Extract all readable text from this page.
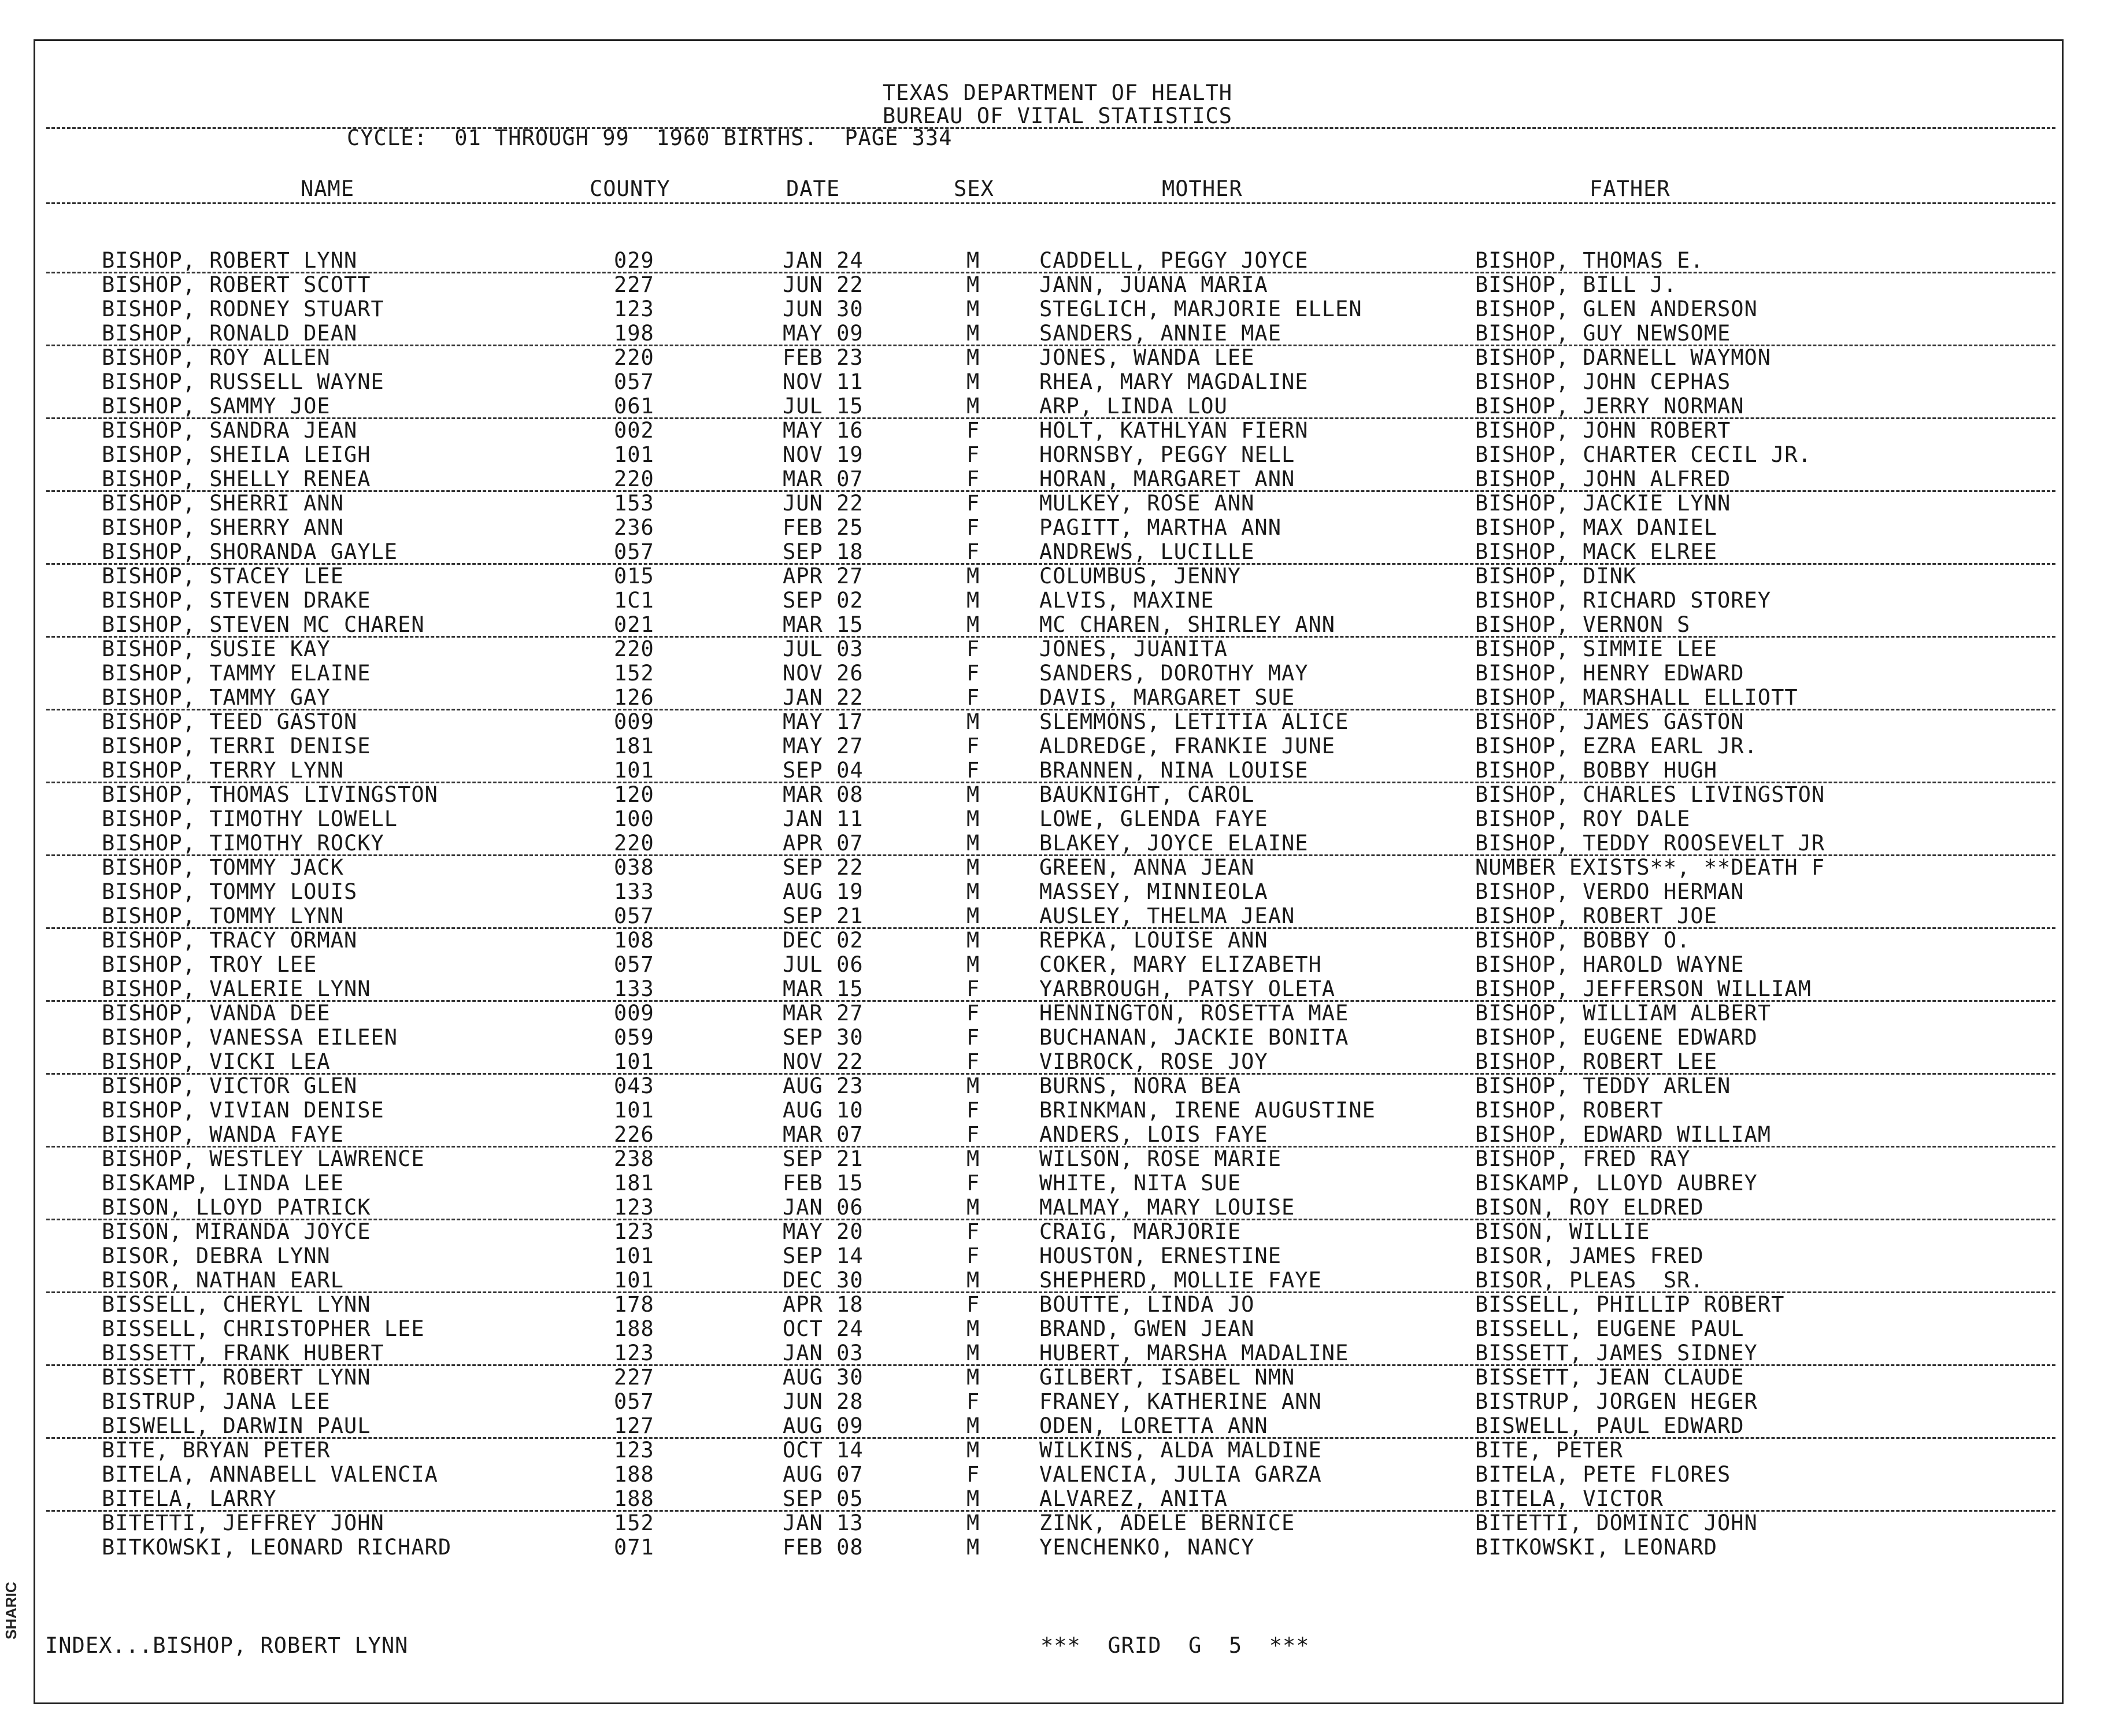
TEXAS DEPARTMENT OF HEALTH
BUREAU OF VITAL STATISTICS
CYCLE:  01 THROUGH 99  1960 BIRTHS.  PAGE 334
NAME	COUNTY	DATE	SEX	MOTHER	FATHER
BISHOP, ROBERT LYNN	029	JAN 24	M	CADDELL, PEGGY JOYCE	BISHOP, THOMAS E.
BISHOP, ROBERT SCOTT	227	JUN 22	M	JANN, JUANA MARIA	BISHOP, BILL J.
BISHOP, RODNEY STUART	123	JUN 30	M	STEGLICH, MARJORIE ELLEN	BISHOP, GLEN ANDERSON
BISHOP, RONALD DEAN	198	MAY 09	M	SANDERS, ANNIE MAE	BISHOP, GUY NEWSOME
BISHOP, ROY ALLEN	220	FEB 23	M	JONES, WANDA LEE	BISHOP, DARNELL WAYMON
BISHOP, RUSSELL WAYNE	057	NOV 11	M	RHEA, MARY MAGDALINE	BISHOP, JOHN CEPHAS
BISHOP, SAMMY JOE	061	JUL 15	M	ARP, LINDA LOU	BISHOP, JERRY NORMAN
BISHOP, SANDRA JEAN	002	MAY 16	F	HOLT, KATHLYAN FIERN	BISHOP, JOHN ROBERT
BISHOP, SHEILA LEIGH	101	NOV 19	F	HORNSBY, PEGGY NELL	BISHOP, CHARTER CECIL JR.
BISHOP, SHELLY RENEA	220	MAR 07	F	HORAN, MARGARET ANN	BISHOP, JOHN ALFRED
BISHOP, SHERRI ANN	153	JUN 22	F	MULKEY, ROSE ANN	BISHOP, JACKIE LYNN
BISHOP, SHERRY ANN	236	FEB 25	F	PAGITT, MARTHA ANN	BISHOP, MAX DANIEL
BISHOP, SHORANDA GAYLE	057	SEP 18	F	ANDREWS, LUCILLE	BISHOP, MACK ELREE
BISHOP, STACEY LEE	015	APR 27	M	COLUMBUS, JENNY	BISHOP, DINK
BISHOP, STEVEN DRAKE	1C1	SEP 02	M	ALVIS, MAXINE	BISHOP, RICHARD STOREY
BISHOP, STEVEN MC CHAREN	021	MAR 15	M	MC CHAREN, SHIRLEY ANN	BISHOP, VERNON S
BISHOP, SUSIE KAY	220	JUL 03	F	JONES, JUANITA	BISHOP, SIMMIE LEE
BISHOP, TAMMY ELAINE	152	NOV 26	F	SANDERS, DOROTHY MAY	BISHOP, HENRY EDWARD
BISHOP, TAMMY GAY	126	JAN 22	F	DAVIS, MARGARET SUE	BISHOP, MARSHALL ELLIOTT
BISHOP, TEED GASTON	009	MAY 17	M	SLEMMONS, LETITIA ALICE	BISHOP, JAMES GASTON
BISHOP, TERRI DENISE	181	MAY 27	F	ALDREDGE, FRANKIE JUNE	BISHOP, EZRA EARL JR.
BISHOP, TERRY LYNN	101	SEP 04	F	BRANNEN, NINA LOUISE	BISHOP, BOBBY HUGH
BISHOP, THOMAS LIVINGSTON	120	MAR 08	M	BAUKNIGHT, CAROL	BISHOP, CHARLES LIVINGSTON
BISHOP, TIMOTHY LOWELL	100	JAN 11	M	LOWE, GLENDA FAYE	BISHOP, ROY DALE
BISHOP, TIMOTHY ROCKY	220	APR 07	M	BLAKEY, JOYCE ELAINE	BISHOP, TEDDY ROOSEVELT JR
BISHOP, TOMMY JACK	038	SEP 22	M	GREEN, ANNA JEAN	NUMBER EXISTS**, **DEATH F
BISHOP, TOMMY LOUIS	133	AUG 19	M	MASSEY, MINNIEOLA	BISHOP, VERDO HERMAN
BISHOP, TOMMY LYNN	057	SEP 21	M	AUSLEY, THELMA JEAN	BISHOP, ROBERT JOE
BISHOP, TRACY ORMAN	108	DEC 02	M	REPKA, LOUISE ANN	BISHOP, BOBBY O.
BISHOP, TROY LEE	057	JUL 06	M	COKER, MARY ELIZABETH	BISHOP, HAROLD WAYNE
BISHOP, VALERIE LYNN	133	MAR 15	F	YARBROUGH, PATSY OLETA	BISHOP, JEFFERSON WILLIAM
BISHOP, VANDA DEE	009	MAR 27	F	HENNINGTON, ROSETTA MAE	BISHOP, WILLIAM ALBERT
BISHOP, VANESSA EILEEN	059	SEP 30	F	BUCHANAN, JACKIE BONITA	BISHOP, EUGENE EDWARD
BISHOP, VICKI LEA	101	NOV 22	F	VIBROCK, ROSE JOY	BISHOP, ROBERT LEE
BISHOP, VICTOR GLEN	043	AUG 23	M	BURNS, NORA BEA	BISHOP, TEDDY ARLEN
BISHOP, VIVIAN DENISE	101	AUG 10	F	BRINKMAN, IRENE AUGUSTINE	BISHOP, ROBERT
BISHOP, WANDA FAYE	226	MAR 07	F	ANDERS, LOIS FAYE	BISHOP, EDWARD WILLIAM
BISHOP, WESTLEY LAWRENCE	238	SEP 21	M	WILSON, ROSE MARIE	BISHOP, FRED RAY
BISKAMP, LINDA LEE	181	FEB 15	F	WHITE, NITA SUE	BISKAMP, LLOYD AUBREY
BISON, LLOYD PATRICK	123	JAN 06	M	MALMAY, MARY LOUISE	BISON, ROY ELDRED
BISON, MIRANDA JOYCE	123	MAY 20	F	CRAIG, MARJORIE	BISON, WILLIE
BISOR, DEBRA LYNN	101	SEP 14	F	HOUSTON, ERNESTINE	BISOR, JAMES FRED
BISOR, NATHAN EARL	101	DEC 30	M	SHEPHERD, MOLLIE FAYE	BISOR, PLEAS  SR.
BISSELL, CHERYL LYNN	178	APR 18	F	BOUTTE, LINDA JO	BISSELL, PHILLIP ROBERT
BISSELL, CHRISTOPHER LEE	188	OCT 24	M	BRAND, GWEN JEAN	BISSELL, EUGENE PAUL
BISSETT, FRANK HUBERT	123	JAN 03	M	HUBERT, MARSHA MADALINE	BISSETT, JAMES SIDNEY
BISSETT, ROBERT LYNN	227	AUG 30	M	GILBERT, ISABEL NMN	BISSETT, JEAN CLAUDE
BISTRUP, JANA LEE	057	JUN 28	F	FRANEY, KATHERINE ANN	BISTRUP, JORGEN HEGER
BISWELL, DARWIN PAUL	127	AUG 09	M	ODEN, LORETTA ANN	BISWELL, PAUL EDWARD
BITE, BRYAN PETER	123	OCT 14	M	WILKINS, ALDA MALDINE	BITE, PETER
BITELA, ANNABELL VALENCIA	188	AUG 07	F	VALENCIA, JULIA GARZA	BITELA, PETE FLORES
BITELA, LARRY	188	SEP 05	M	ALVAREZ, ANITA	BITELA, VICTOR
BITETTI, JEFFREY JOHN	152	JAN 13	M	ZINK, ADELE BERNICE	BITETTI, DOMINIC JOHN
BITKOWSKI, LEONARD RICHARD	071	FEB 08	M	YENCHENKO, NANCY	BITKOWSKI, LEONARD
INDEX...BISHOP, ROBERT LYNN	***  GRID  G  5  ***
SHARIC
